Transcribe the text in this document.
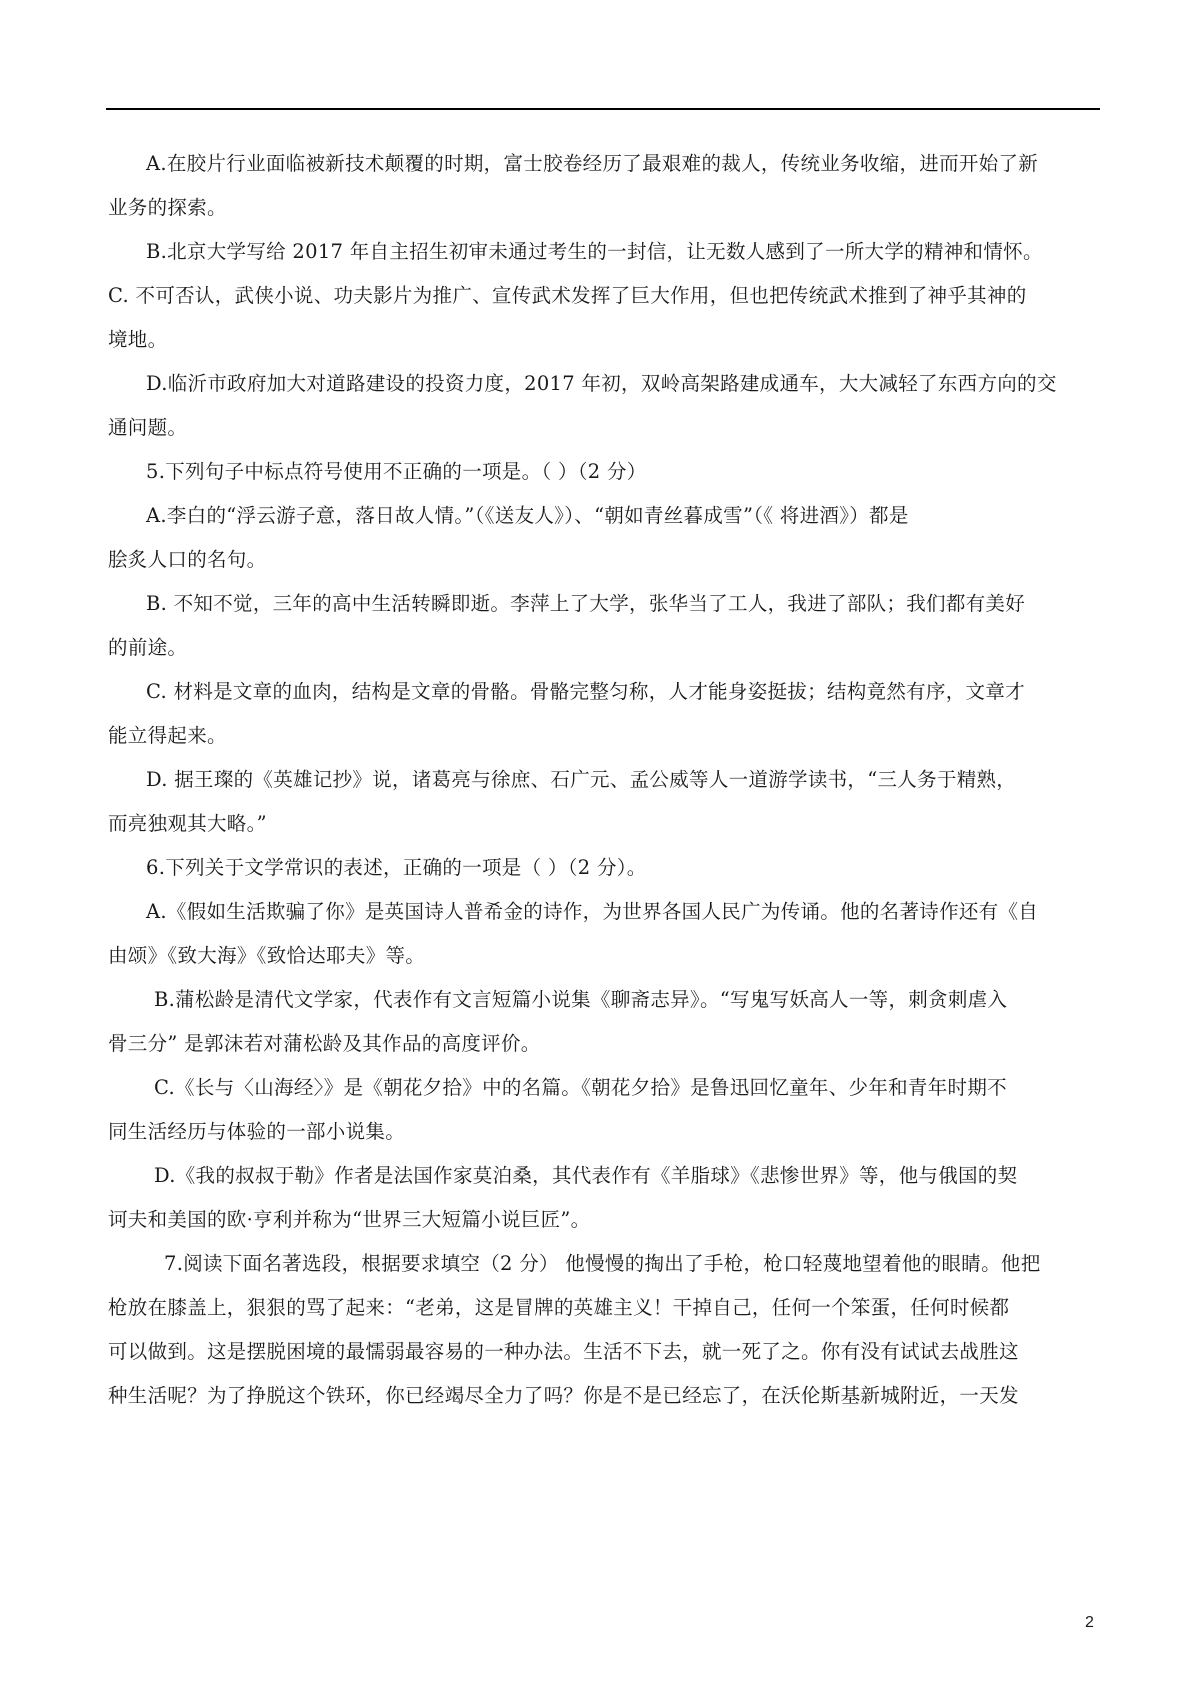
A.在胶片行业面临被新技术颠覆的时期，富士胶卷经历了最艰难的裁人，传统业务收缩，进而开始了新
业务的探索。
B.北京大学写给 2017 年自主招生初审未通过考生的一封信，让无数人感到了一所大学的精神和情怀。
C. 不可否认，武侠小说、功夫影片为推广、宣传武术发挥了巨大作用，但也把传统武术推到了神乎其神的
境地。
D.临沂市政府加大对道路建设的投资力度，2017 年初，双岭高架路建成通车，大大减轻了东西方向的交
通问题。
5.下列句子中标点符号使用不正确的一项是。（ ）（2 分）
A.李白的“浮云游子意，落日故人情。”（《送友人》）、“朝如青丝暮成雪”（《 将进酒》）都是
脍炙人口的名句。
B. 不知不觉，三年的高中生活转瞬即逝。李萍上了大学，张华当了工人，我进了部队；我们都有美好
的前途。
C. 材料是文章的血肉，结构是文章的骨骼。骨骼完整匀称，人才能身姿挺拔；结构竟然有序，文章才
能立得起来。
D. 据王璨的《英雄记抄》说，诸葛亮与徐庶、石广元、孟公威等人一道游学读书，“三人务于精熟，
而亮独观其大略。”
6.下列关于文学常识的表述，正确的一项是（ ）（2 分）。
A.《假如生活欺骗了你》是英国诗人普希金的诗作，为世界各国人民广为传诵。他的名著诗作还有《自
由颂》《致大海》《致恰达耶夫》等。
B.蒲松龄是清代文学家，代表作有文言短篇小说集《聊斋志异》。“写鬼写妖高人一等，刺贪刺虐入
骨三分” 是郭沫若对蒲松龄及其作品的高度评价。
C.《长与〈山海经〉》是《朝花夕拾》中的名篇。《朝花夕拾》是鲁迅回忆童年、少年和青年时期不
同生活经历与体验的一部小说集。
D.《我的叔叔于勒》作者是法国作家莫泊桑，其代表作有《羊脂球》《悲惨世界》等，他与俄国的契
诃夫和美国的欧·亨利并称为“世界三大短篇小说巨匠”。
7.阅读下面名著选段，根据要求填空（2 分） 他慢慢的掏出了手枪，枪口轻蔑地望着他的眼睛。他把
枪放在膝盖上，狠狠的骂了起来：“老弟，这是冒牌的英雄主义！干掉自己，任何一个笨蛋，任何时候都
可以做到。这是摆脱困境的最懦弱最容易的一种办法。生活不下去，就一死了之。你有没有试试去战胜这
种生活呢？为了挣脱这个铁环，你已经竭尽全力了吗？你是不是已经忘了，在沃伦斯基新城附近，一天发
2
